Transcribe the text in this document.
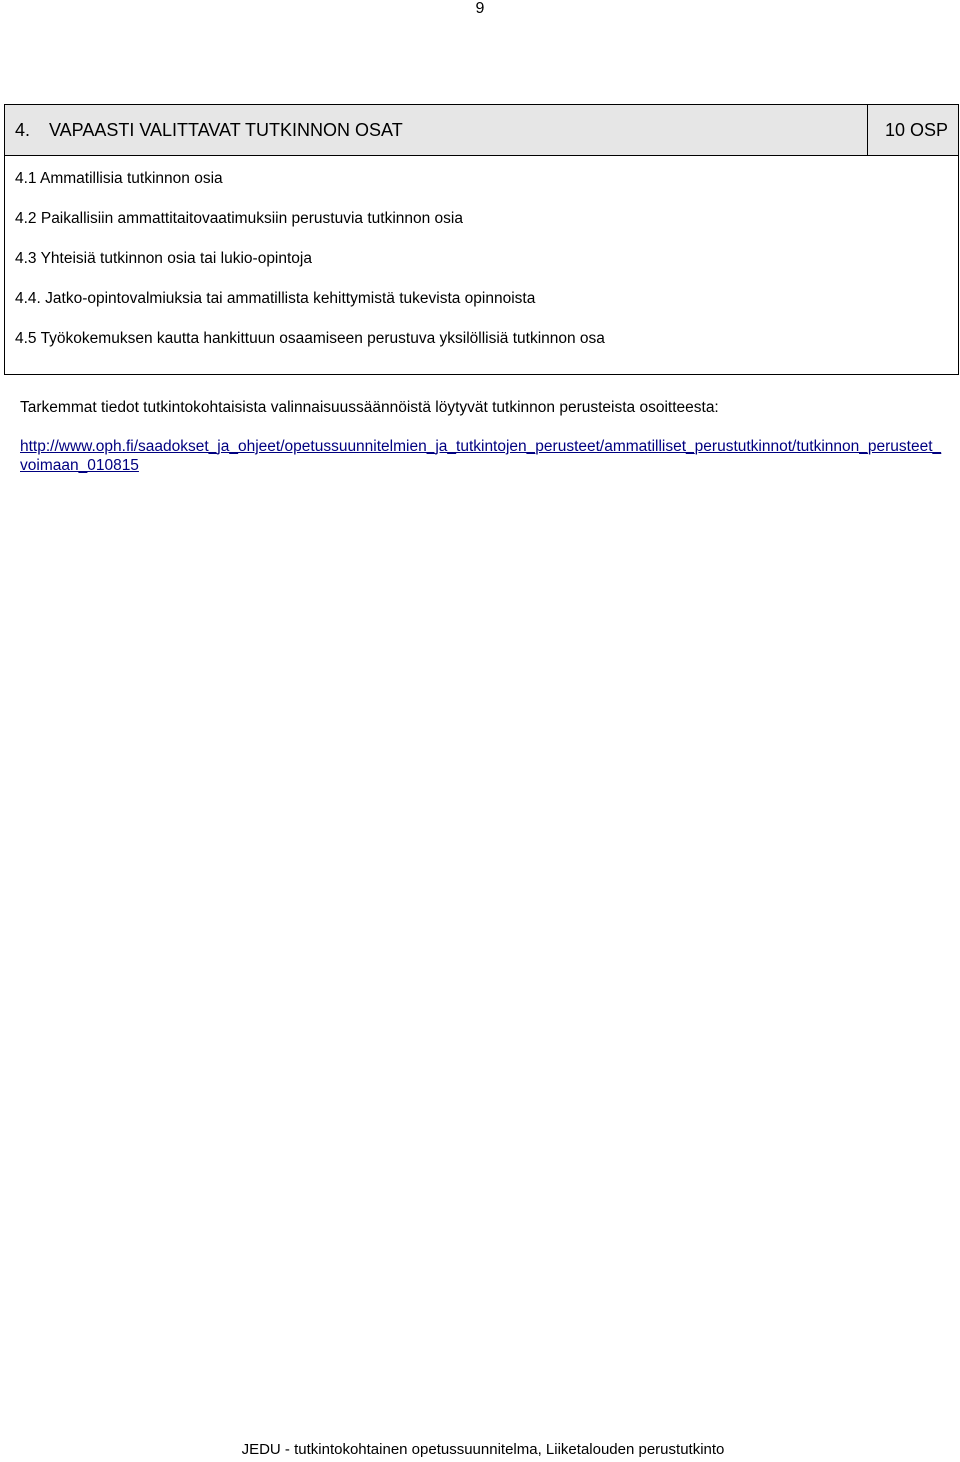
9
4. VAPAASTI VALITTAVAT TUTKINNON OSAT	10 OSP

4.1 Ammatillisia tutkinnon osia
4.2 Paikallisiin ammattitaitovaatimuksiin perustuvia tutkinnon osia
4.3 Yhteisiä tutkinnon osia tai lukio-opintoja
4.4. Jatko-opintovalmiuksia tai ammatillista kehittymistä tukevista opinnoista
4.5 Työkokemuksen kautta hankittuun osaamiseen perustuva yksilöllisiä tutkinnon osa
Tarkemmat tiedot tutkintokohtaisista valinnaisuussäännöistä löytyvät tutkinnon perusteista osoitteesta:
http://www.oph.fi/saadokset_ja_ohjeet/opetussuunnitelmien_ja_tutkintojen_perusteet/ammatilliset_perustutkinnot/tutkinnon_perusteet_voimaan_010815
JEDU - tutkintokohtainen opetussuunnitelma, Liiketalouden perustutkinto
